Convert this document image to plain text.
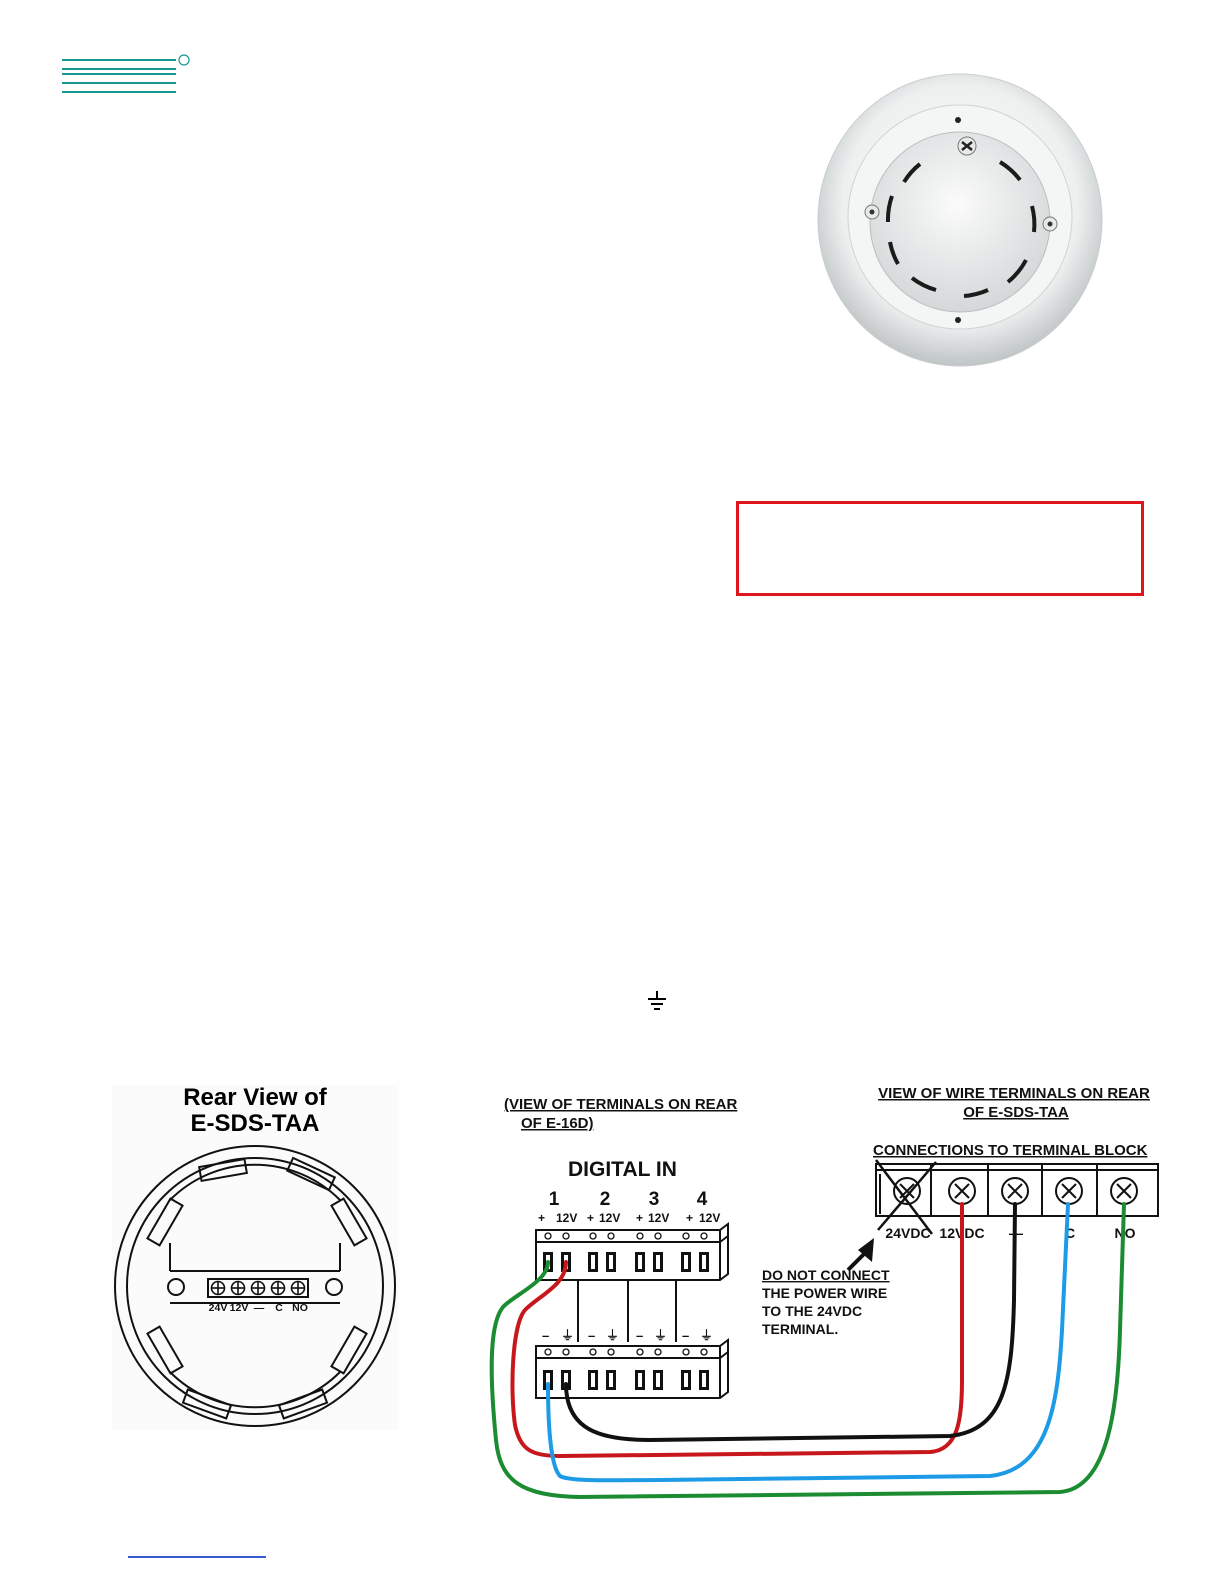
Rear View of
E-SDS-TAA
24V 12V — C NO
(VIEW OF TERMINALS ON REAR
OF E-16D)
DIGITAL IN
1 2 3 4
+ 12V + 12V + 12V + 12V
– ⏚ – ⏚ – ⏚ – ⏚
VIEW OF WIRE TERMINALS ON REAR
OF E-SDS-TAA
CONNECTIONS TO TERMINAL BLOCK
24VDC 12VDC —	C	NO
DO NOT CONNECT
THE POWER WIRE
TO THE 24VDC
TERMINAL.
